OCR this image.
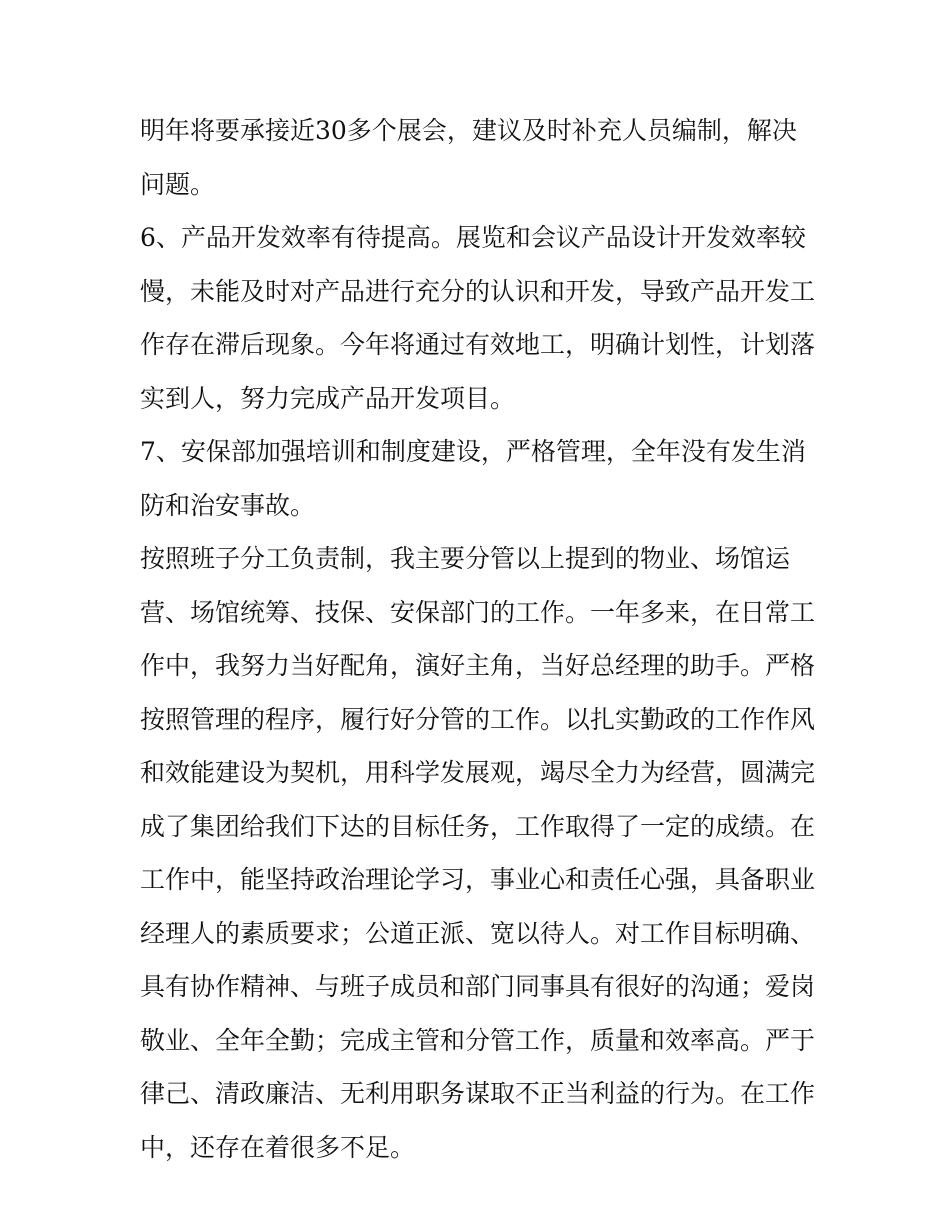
明年将要承接近30多个展会，建议及时补充人员编制，解决
问题。
6、产品开发效率有待提高。展览和会议产品设计开发效率较
慢，未能及时对产品进行充分的认识和开发，导致产品开发工
作存在滞后现象。今年将通过有效地工，明确计划性，计划落
实到人，努力完成产品开发项目。
7、安保部加强培训和制度建设，严格管理，全年没有发生消
防和治安事故。
按照班子分工负责制，我主要分管以上提到的物业、场馆运
营、场馆统筹、技保、安保部门的工作。一年多来，在日常工
作中，我努力当好配角，演好主角，当好总经理的助手。严格
按照管理的程序，履行好分管的工作。以扎实勤政的工作作风
和效能建设为契机，用科学发展观，竭尽全力为经营，圆满完
成了集团给我们下达的目标任务，工作取得了一定的成绩。在
工作中，能坚持政治理论学习，事业心和责任心强，具备职业
经理人的素质要求；公道正派、宽以待人。对工作目标明确、
具有协作精神、与班子成员和部门同事具有很好的沟通；爱岗
敬业、全年全勤；完成主管和分管工作，质量和效率高。严于
律己、清政廉洁、无利用职务谋取不正当利益的行为。在工作
中，还存在着很多不足。
